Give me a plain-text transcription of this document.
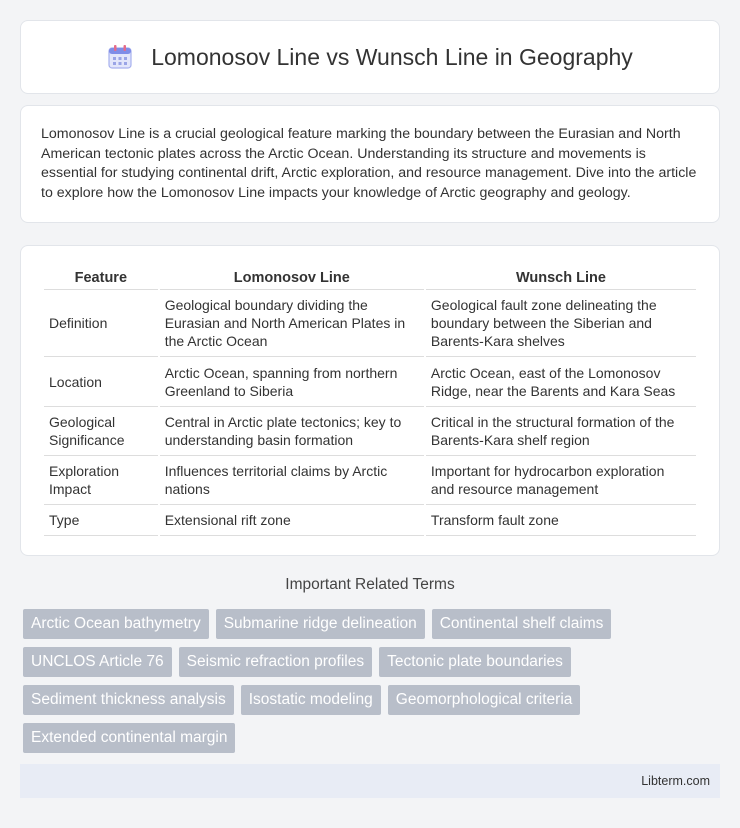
Lomonosov Line vs Wunsch Line in Geography

Lomonosov Line is a crucial geological feature marking the boundary between the Eurasian and North American tectonic plates across the Arctic Ocean. Understanding its structure and movements is essential for studying continental drift, Arctic exploration, and resource management. Dive into the article to explore how the Lomonosov Line impacts your knowledge of Arctic geography and geology.

Feature	Lomonosov Line	Wunsch Line
Definition	Geological boundary dividing the Eurasian and North American Plates in the Arctic Ocean	Geological fault zone delineating the boundary between the Siberian and Barents-Kara shelves
Location	Arctic Ocean, spanning from northern Greenland to Siberia	Arctic Ocean, east of the Lomonosov Ridge, near the Barents and Kara Seas
Geological Significance	Central in Arctic plate tectonics; key to understanding basin formation	Critical in the structural formation of the Barents-Kara shelf region
Exploration Impact	Influences territorial claims by Arctic nations	Important for hydrocarbon exploration and resource management
Type	Extensional rift zone	Transform fault zone
Important Related Terms
Arctic Ocean bathymetry	Submarine ridge delineation	Continental shelf claims
UNCLOS Article 76	Seismic refraction profiles	Tectonic plate boundaries
Sediment thickness analysis	Isostatic modeling	Geomorphological criteria
Extended continental margin
Libterm.com
